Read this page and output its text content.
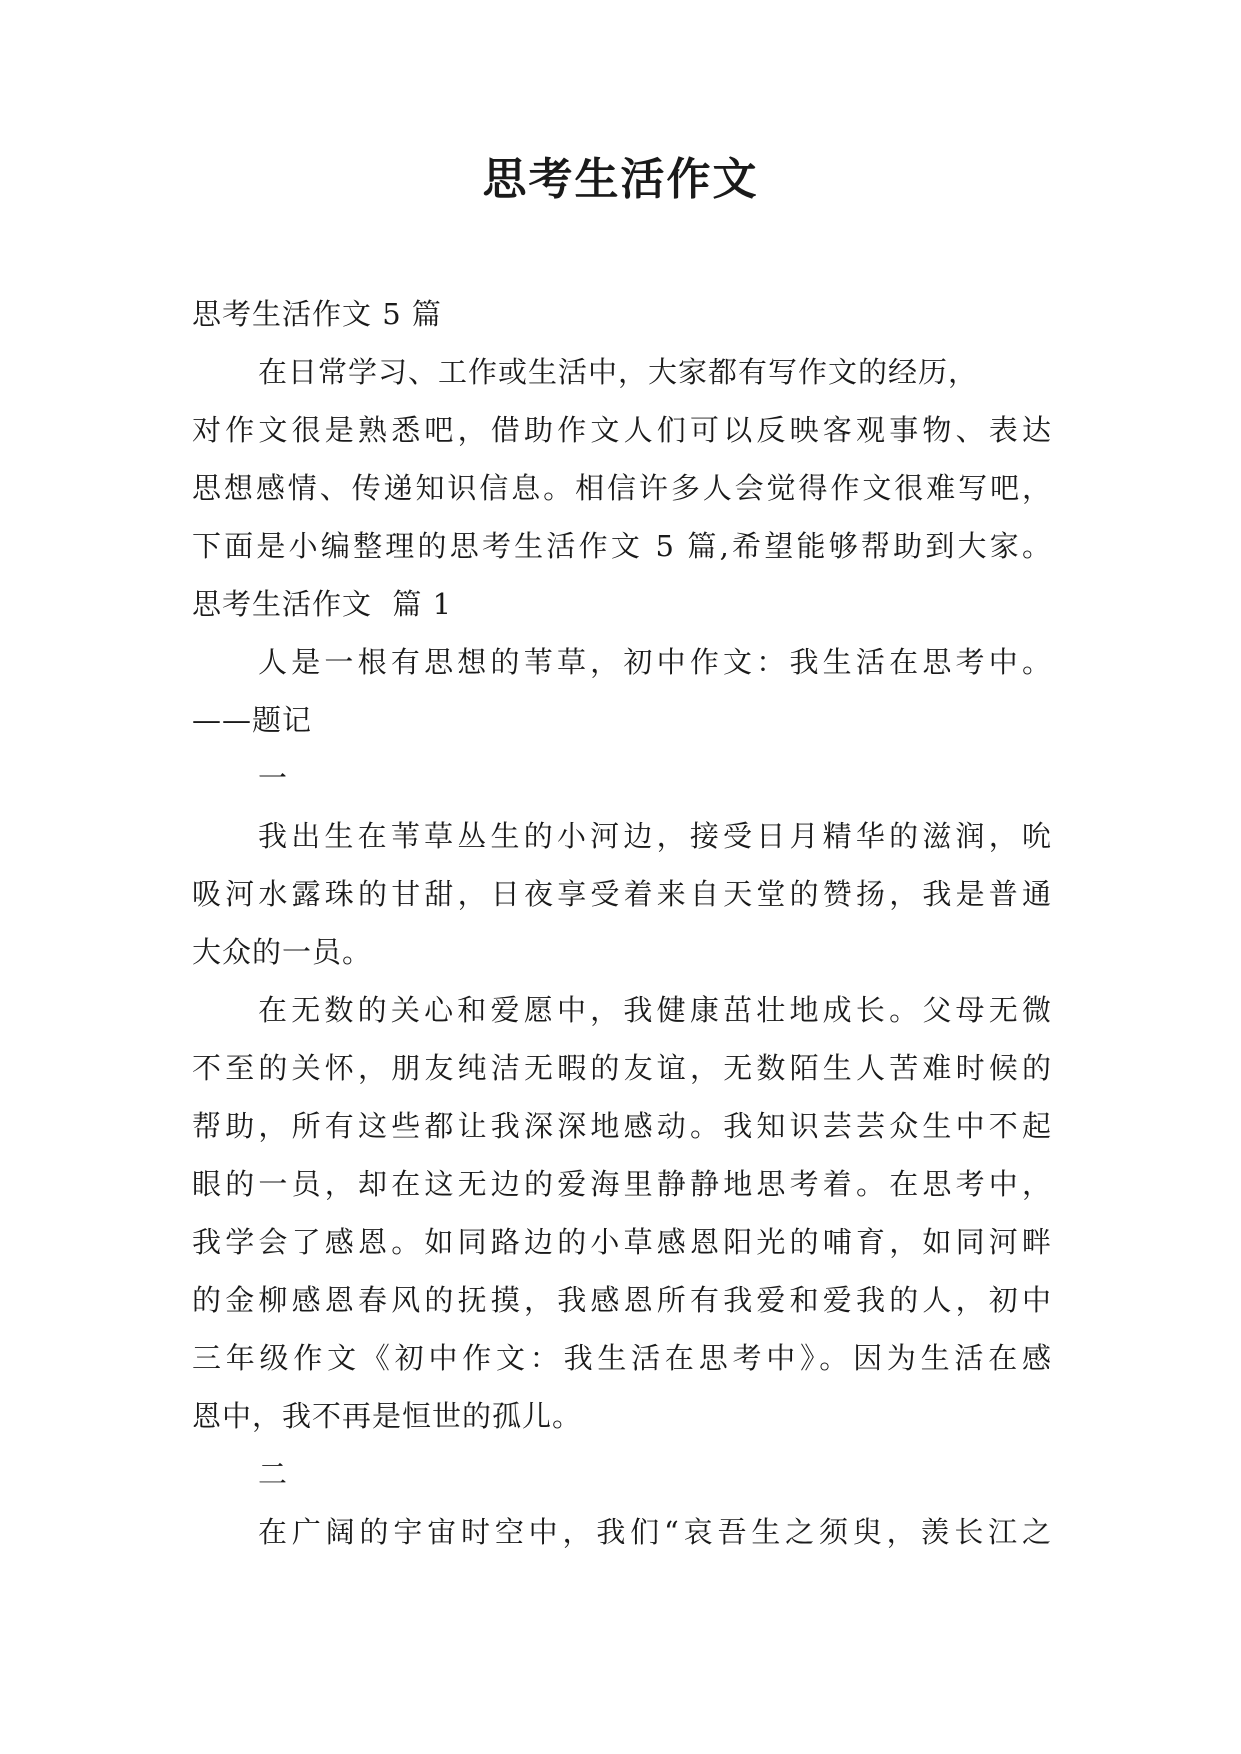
思考生活作文

思考生活作文 5 篇

在日常学习、工作或生活中，大家都有写作文的经历，

对作文很是熟悉吧，借助作文人们可以反映客观事物、表达

思想感情、传递知识信息。相信许多人会觉得作文很难写吧，

下面是小编整理的思考生活作文 5 篇,希望能够帮助到大家。

思考生活作文  篇 1

人是一根有思想的苇草，初中作文：我生活在思考中。

——题记

一

我出生在苇草丛生的小河边，接受日月精华的滋润，吮

吸河水露珠的甘甜，日夜享受着来自天堂的赞扬，我是普通

大众的一员。

在无数的关心和爱愿中，我健康茁壮地成长。父母无微

不至的关怀，朋友纯洁无暇的友谊，无数陌生人苦难时候的

帮助，所有这些都让我深深地感动。我知识芸芸众生中不起

眼的一员，却在这无边的爱海里静静地思考着。在思考中，

我学会了感恩。如同路边的小草感恩阳光的哺育，如同河畔

的金柳感恩春风的抚摸，我感恩所有我爱和爱我的人，初中

三年级作文《初中作文：我生活在思考中》。因为生活在感

恩中，我不再是恒世的孤儿。

二

在广阔的宇宙时空中，我们“哀吾生之须臾，羡长江之
